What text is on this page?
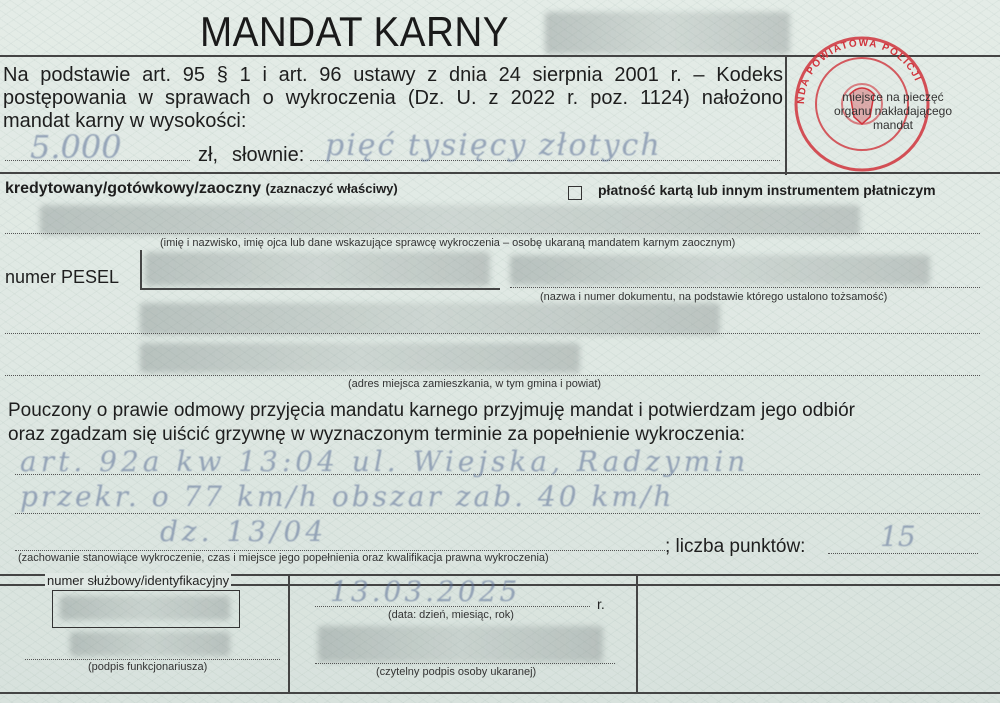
MANDAT KARNY
Na podstawie art. 95 § 1 i art. 96 ustawy z dnia 24 sierpnia 2001 r. – Kodeks
postępowania w sprawach o wykroczenia (Dz. U. z 2022 r. poz. 1124) nałożono
mandat karny w wysokości:
5.000	zł, słownie: pięć tysięcy złotych
NDA POWIATOWA POLICJI
miejsce na pieczęć
organu nakładającego
mandat
kredytowany/gotówkowy/zaoczny (zaznaczyć właściwy)	płatność kartą lub innym instrumentem płatniczym
(imię i nazwisko, imię ojca lub dane wskazujące sprawcę wykroczenia – osobę ukaraną mandatem karnym zaocznym)
numer PESEL
(nazwa i numer dokumentu, na podstawie którego ustalono tożsamość)
(adres miejsca zamieszkania, w tym gmina i powiat)
Pouczony o prawie odmowy przyjęcia mandatu karnego przyjmuję mandat i potwierdzam jego odbiór
oraz zgadzam się uiścić grzywnę w wyznaczonym terminie za popełnienie wykroczenia:
art. 92a kw 13:04 ul. Wiejska, Radzymin
przekr. o 77 km/h obszar zab. 40 km/h
dz. 13/04
(zachowanie stanowiące wykroczenie, czas i miejsce jego popełnienia oraz kwalifikacja prawna wykroczenia)
; liczba punktów:	15
numer służbowy/identyfikacyjny
(podpis funkcjonariusza)
13.03.2025	r.
(data: dzień, miesiąc, rok)
(czytelny podpis osoby ukaranej)
